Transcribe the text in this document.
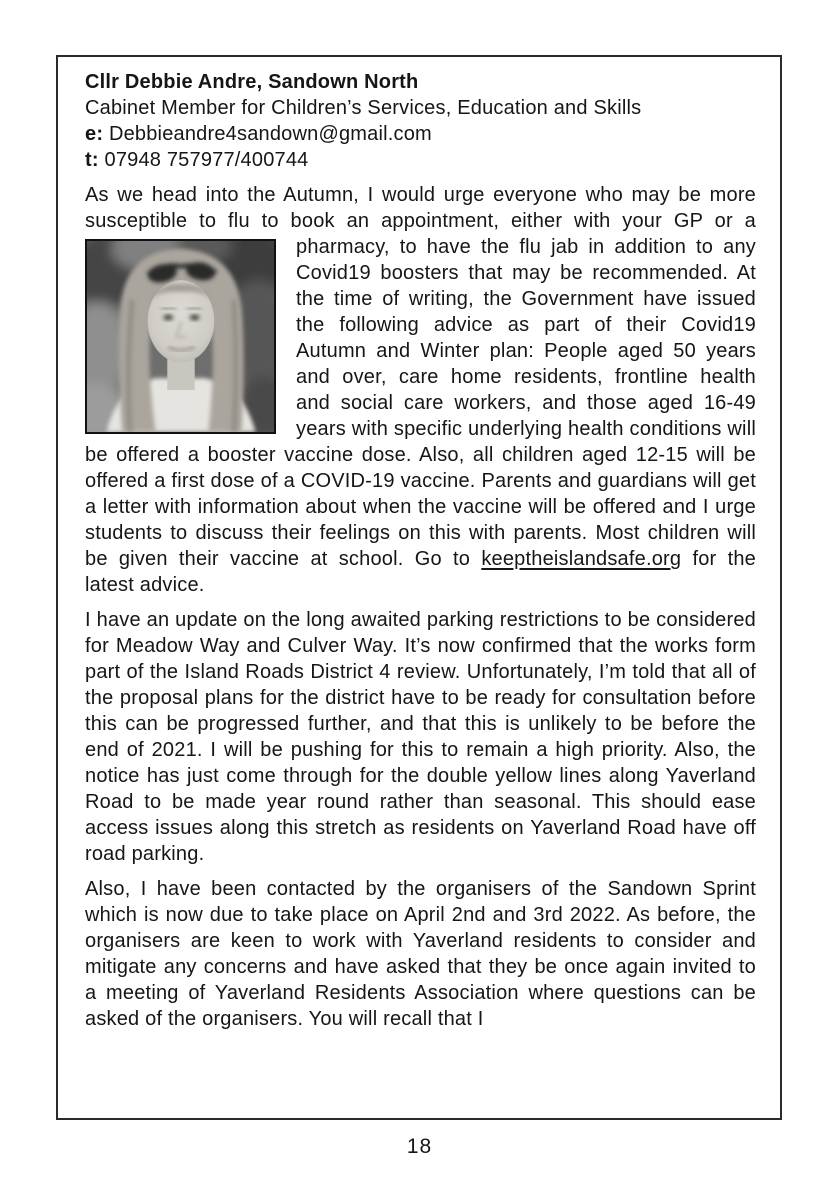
Cllr Debbie Andre, Sandown North
Cabinet Member for Children’s Services, Education and Skills
e: Debbieandre4sandown@gmail.com
t: 07948 757977/400744

As we head into the Autumn, I would urge everyone who may be more susceptible to flu to book an appointment, either with your GP
or a pharmacy, to have the flu jab in addition to any Covid19 boosters that may be recommended. At the time of writing, the Government have issued the following advice as part of their Covid19 Autumn and Winter plan: People aged 50 years and over, care home residents, frontline health and social care workers, and those aged 16-49 years with specific underlying health conditions will be offered a booster vaccine dose. Also, all children aged 12-15 will be offered a first dose of a COVID-19 vaccine. Parents and guardians will get a letter with information about when the vaccine will be offered and I urge students to discuss their feelings on this with parents. Most children will be given their vaccine at school. Go to keeptheislandsafe.org for the latest advice.

I have an update on the long awaited parking restrictions to be considered for Meadow Way and Culver Way. It’s now confirmed that the works form part of the Island Roads District 4 review. Unfortunately, I’m told that all of the proposal plans for the district have to be ready for consultation before this can be progressed further, and that this is unlikely to be before the end of 2021. I will be pushing for this to remain a high priority. Also, the notice has just come through for the double yellow lines along Yaverland Road to be made year round rather than seasonal. This should ease access issues along this stretch as residents on Yaverland Road have off road parking.

Also, I have been contacted by the organisers of the Sandown Sprint which is now due to take place on April 2nd and 3rd 2022. As before, the organisers are keen to work with Yaverland residents to consider and mitigate any concerns and have asked that they be once again invited to a meeting of Yaverland Residents Association where questions can be asked of the organisers. You will recall that I

18
